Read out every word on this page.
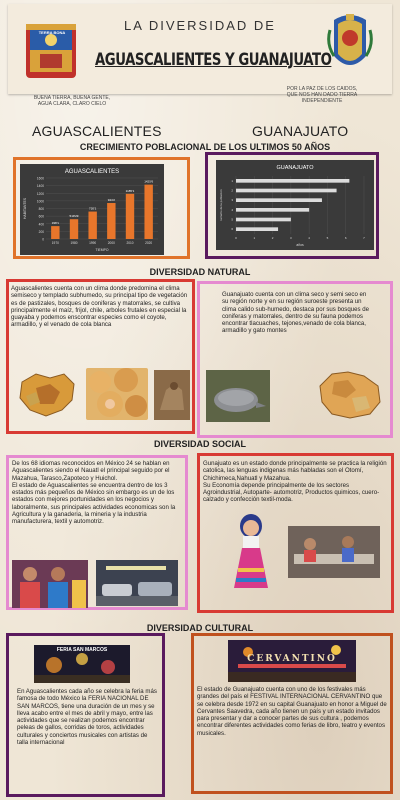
TERRA BONA	LA DIVERSIDAD DE
AGUASCALIENTES Y GUANAJUATO
BUENA TIERRA, BUENA GENTE, AGUA CLARA, CLARO CIELO
POR LA PAZ DE LOS CAIDOS, QUE NOS HAN DADO TIERRA INDEPENDIENTE
AGUASCALIENTES	GUANAJUATO
CRECIMIENTO POBLACIONAL DE LOS ULTIMOS 50 AÑOS
AGUASCALIENTES
1600
1400
1200
1000
800
600
400
200
0
338'1
1970
519'29
1980
720'1
1990
944'2
2000
1185'1
2010
1425'6
2020
TIEMPO
HABITANTES
GUANAJUATO
0	1	2	3	4	5	6	7
1
2
3
4
5
6
años
tamaño de la población
DIVERSIDAD NATURAL
Aguascalientes cuenta con un clima donde predomina el clima semiseco y templado subhumedo, su principal tipo de vegetación es de pastizales, bosques de coniferas y matorrales, se cultiva principalmente el maíz, frijol, chile, arboles frutales en especial la guayaba y podemos enscontrar especies como el coyote, armadillo, y el venado de cola blanca
Guanajuato cuenta con un clima seco y semi seco en su región norte y en su región suroeste presenta un clima calido sub-humedo, destaca por sus bosques de coniferas y matorrales, dentro de su fauna podemos encontrar tlacuaches, tejones,venado de cola blanca, armadillo y gato montes
DIVERSIDAD SOCIAL
De los 68 idiomas reconocidos en México 24 se hablan en Aguascalientes siendo el Nauatl el principal seguido por el Mazahua, Tarasco,Zapoteco y Huichol.
El estado de Aguascalientes se encuentra dentro de los 3 estados más pequeños de México sin embargo es un de los estados con mejores portunidades en los negocios y laboralmente, sus principales actividades economicas son la Agricultura y la ganaderia, la mineria y la industria manufacturera, textil y automotriz.
Gunajuato es un estado donde principalmente se practica la religión catolica, las lenguas indigenas más habladas son el Otomí, Chichimeca,Nahuatl y Mazahua.
Su Economía depende principalmente de los sectores Agroindustrial, Autoparte- automotriz, Productos quimicos, cuero-calzado y confección textil-moda.
DIVERSIDAD CULTURAL
FERIA SAN MARCOS
En Aguascalientes cada año se celebra la feria más famosa de todo México la FERIA NACIONAL DE SAN MARCOS, tiene una duración de un mes y se lleva acabo entre el mes de abril y mayo, entre las actividades que se realizan podemos encontrar peleas de gallos, corridas de toros, actividades culturales y conciertos musicales con artistas de talla internacional
CERVANTINO
El estado de Guanajuato cuenta con uno de los festivales más grandes del país el FESTIVAL INTERNACIONAL CERVANTINO que se celebra desde 1972 en su capital Guanajuato en honor a Miguel de Cervantes Saavedra, cada año tienen un país y un estado invitados para presentar y dar a conocer partes de sus cultura , podemos encontrar diferentes actividades como ferias de libro, teatro y eventos musicales.
